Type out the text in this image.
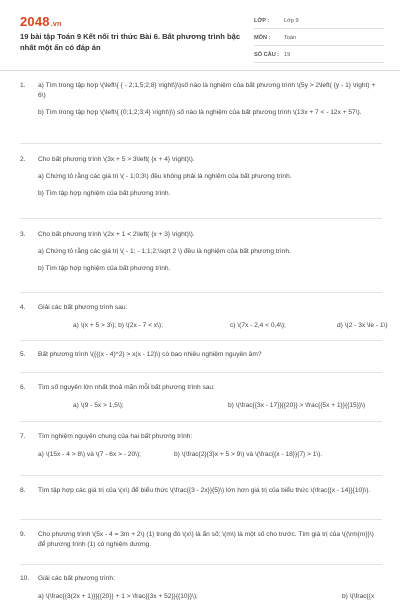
2048.vn
19 bài tập Toán 9 Kết nối tri thức Bài 6. Bất phương trình bậc nhất một ẩn có đáp án
LỚP :	Lớp 9
MÔN :	Toán
SỐ CÂU : 19
1.	a) Tìm trong tập hợp \(\left\{ { - 2;1,5;2;8} \right\}\)số nào là nghiệm của bất phương trình \(5y > 2\left( {y - 1} \right) + 6\)
b) Tìm trong tập hợp \(\left\{ {0;1;2;3;4} \right\}\) số nào là nghiệm của bất phương trình \(13x + 7 < - 12x + 57\).
2.	Cho bất phương trình \(3x + 5 > 3\left( {x + 4} \right)\).
a) Chứng tỏ rằng các giá trị \( - 1;0;3\) đều không phải là nghiệm của bất phương trình.
b) Tìm tập hợp nghiệm của bất phương trình.
3.	Cho bất phương trình \(2x + 1 < 2\left( {x + 3} \right)\).
a) Chứng tỏ rằng các giá trị \( - 1; - 1;1;2;\sqrt 2 \) đều là nghiệm của bất phương trình.
b) Tìm tập hợp nghiệm của bất phương trình.
4.	Giải các bất phương trình sau:
a) \(x + 5 > 3\); b) \(2x - 7 < x\);	c) \(7x - 2,4 < 0,4\);	d) \(2 - 3x \le - 1\)
5.	Bất phương trình \({{(x - 4)^2} > x(x - 12)\) có bao nhiêu nghiệm nguyên âm?
6.	Tìm số nguyên lớn nhất thoả mãn mỗi bất phương trình sau:
a) \(9 - 5x > 1,5\);	b) \(\frac{{3x - 17}}{{20}} > \frac{{5x + 1}}{{15}}\)
7.	Tìm nghiệm nguyên chung của hai bất phương trình:
a) \(15x - 4 > 8\) và \(7 - 6x > - 20\);	b) \(\frac{2}{3}x + 5 > 9\) và \(\frac{{x - 18}}{7} > 1\).
8.	Tìm tập hợp các giá trị của \(x\) để biểu thức \(\frac{{3 - 2x}}{5}\) lớn hơn giá trị của biểu thức \(\frac{{x - 14}}{10}\).
9.	Cho phương trình \(5x - 4 = 3m + 2\) (1) trong đó \(x\) là ẩn số; \(m\) là một số cho trước. Tìm giá trị của \({\rm{m}}\) để phương trình (1) có nghiệm dương.
10.	Giải các bất phương trình:
a) \(\frac{{3(2x + 1)}}{{20}} + 1 > \frac{{3x + 52}}{{10}}\);	b) \(\frac{{x
